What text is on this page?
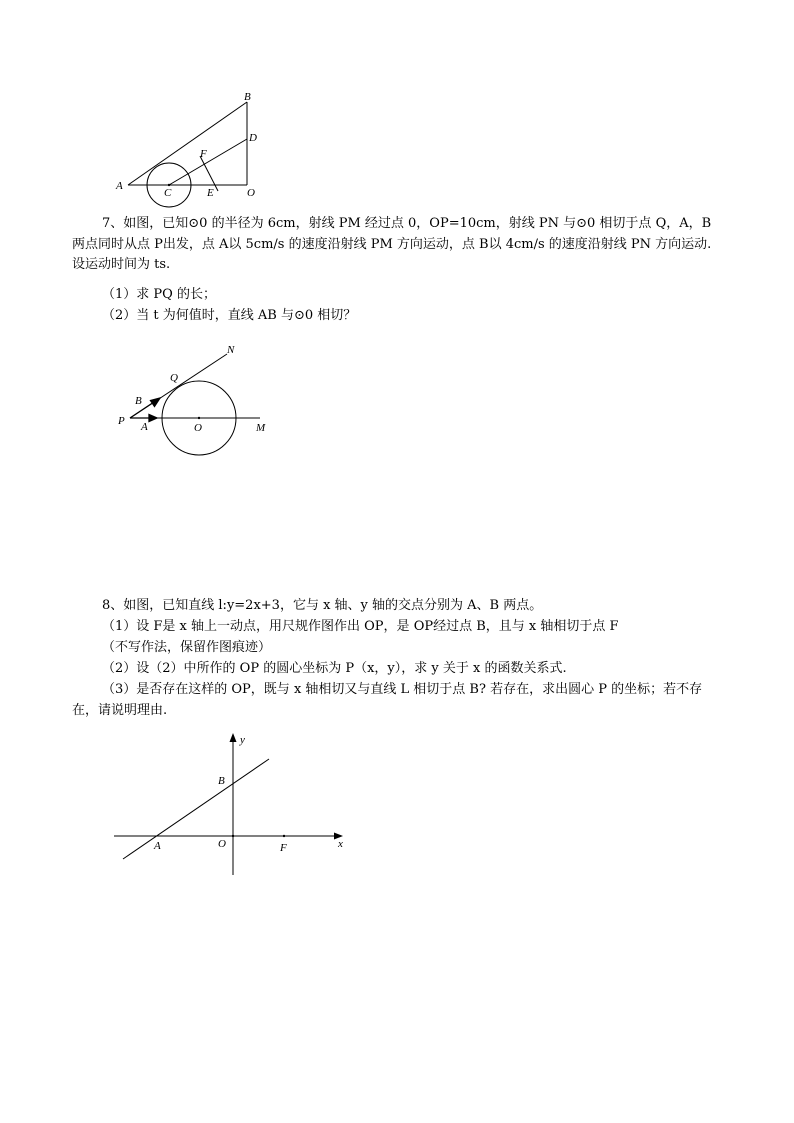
B
D
F
A
C	E	O

7、如图，已知⊙0 的半径为 6cm，射线 PM 经过点 0，OP=10cm，射线 PN 与⊙0 相切于点 Q，A，B 两点同时从点 P出发，点 A以 5cm/s 的速度沿射线 PM 方向运动，点 B以 4cm/s 的速度沿射线 PN 方向运动. 设运动时间为 ts.

（1）求 PQ 的长；
（2）当 t 为何值时，直线 AB 与⊙0 相切？
N
Q
B
P A	O	M
8、如图，已知直线 l:y=2x+3，它与 x 轴、y 轴的交点分别为 A、B 两点。
（1）设 F是 x 轴上一动点，用尺规作图作出 OP，是 OP经过点 B，且与 x 轴相切于点 F
（不写作法，保留作图痕迹）
（2）设（2）中所作的 OP 的圆心坐标为 P（x，y），求 y 关于 x 的函数关系式.

（3）是否存在这样的 OP，既与 x 轴相切又与直线 L 相切于点 B? 若存在，求出圆心 P 的坐标；若不存在，请说明理由.

y
B
A	O	F	x
